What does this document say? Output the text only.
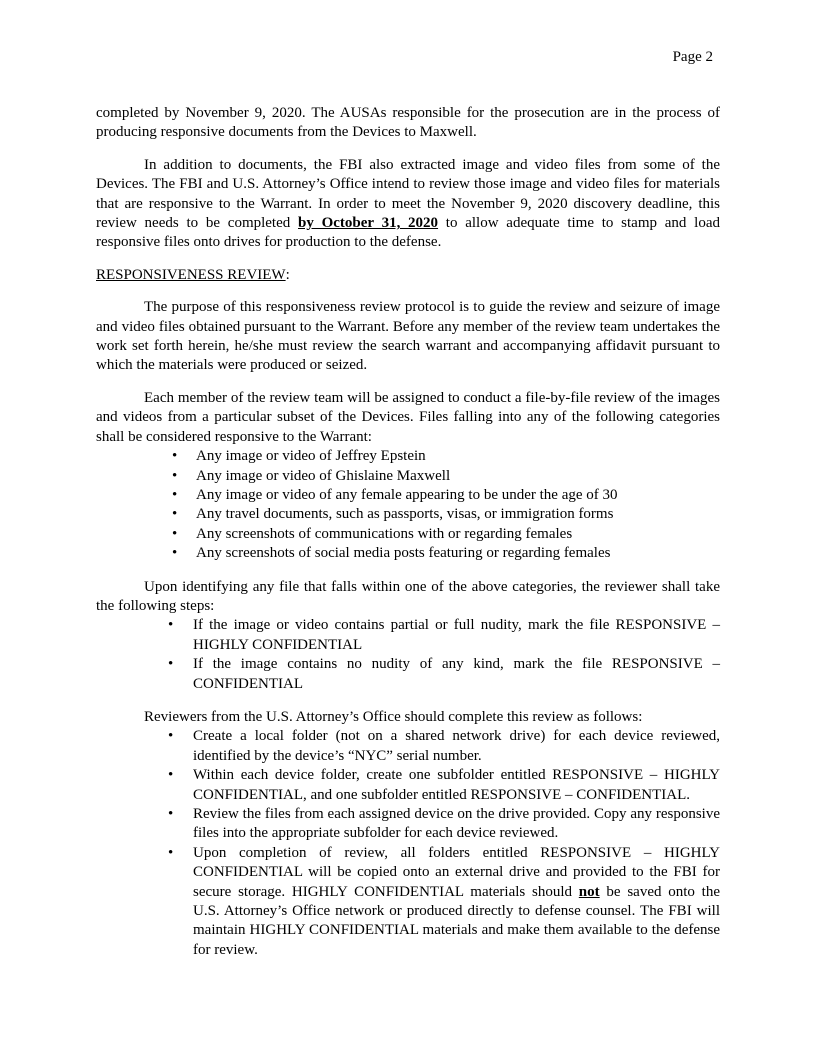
Page 2

completed by November 9, 2020. The AUSAs responsible for the prosecution are in the process of producing responsive documents from the Devices to Maxwell.

In addition to documents, the FBI also extracted image and video files from some of the Devices. The FBI and U.S. Attorney’s Office intend to review those image and video files for materials that are responsive to the Warrant. In order to meet the November 9, 2020 discovery deadline, this review needs to be completed by October 31, 2020 to allow adequate time to stamp and load responsive files onto drives for production to the defense.

RESPONSIVENESS REVIEW:

The purpose of this responsiveness review protocol is to guide the review and seizure of image and video files obtained pursuant to the Warrant. Before any member of the review team undertakes the work set forth herein, he/she must review the search warrant and accompanying affidavit pursuant to which the materials were produced or seized.

Each member of the review team will be assigned to conduct a file-by-file review of the images and videos from a particular subset of the Devices. Files falling into any of the following categories shall be considered responsive to the Warrant:

• Any image or video of Jeffrey Epstein
• Any image or video of Ghislaine Maxwell
• Any image or video of any female appearing to be under the age of 30
• Any travel documents, such as passports, visas, or immigration forms
• Any screenshots of communications with or regarding females
• Any screenshots of social media posts featuring or regarding females

Upon identifying any file that falls within one of the above categories, the reviewer shall take the following steps:

• If the image or video contains partial or full nudity, mark the file RESPONSIVE – HIGHLY CONFIDENTIAL
• If the image contains no nudity of any kind, mark the file RESPONSIVE – CONFIDENTIAL

Reviewers from the U.S. Attorney’s Office should complete this review as follows:

• Create a local folder (not on a shared network drive) for each device reviewed, identified by the device’s “NYC” serial number.
• Within each device folder, create one subfolder entitled RESPONSIVE – HIGHLY CONFIDENTIAL, and one subfolder entitled RESPONSIVE – CONFIDENTIAL.
• Review the files from each assigned device on the drive provided. Copy any responsive files into the appropriate subfolder for each device reviewed.
• Upon completion of review, all folders entitled RESPONSIVE – HIGHLY CONFIDENTIAL will be copied onto an external drive and provided to the FBI for secure storage. HIGHLY CONFIDENTIAL materials should not be saved onto the U.S. Attorney’s Office network or produced directly to defense counsel. The FBI will maintain HIGHLY CONFIDENTIAL materials and make them available to the defense for review.
